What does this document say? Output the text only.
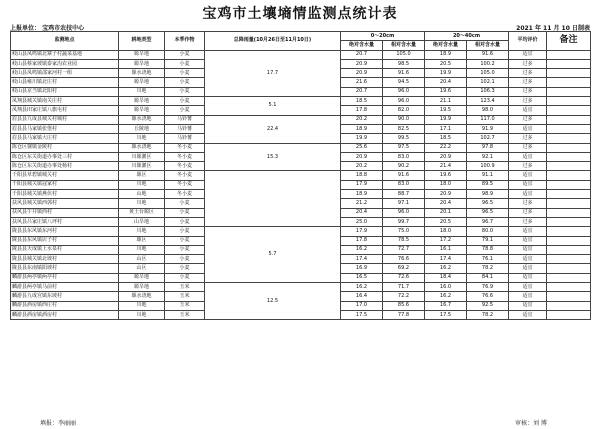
宝鸡市土壤墒情监测点统计表
上报单位： 宝鸡市农技中心	2021 年 11 月 10 日制表
监测地点	耕地类型	本季作物	总降雨量(10月26日至11月10日)	0～20cm		20～40cm		平均评价	备注
				绝对含水量	相对含水量	绝对含水量	相对含水量		
岐山县凤鸣镇北寨子村蔬菜基地	塬旱地	小麦	17.7	20.7	105.0	18.9	91.6	适宜	
岐山县蔡家坡镇泰家沟农业园	塬旱地	小麦		20.9	98.5	20.5	100.2	过多	
岐山县凤鸣镇邵家河村一组	塬水浇地	小麦		20.9	91.6	19.9	105.0	过多	
岐山县雍川镇北庄村	塬旱地	小麦		21.6	94.5	20.4	102.1	过多	
岐山县京当镇北阳村	川地	小麦		20.7	96.0	19.6	106.3	过多	
凤翔县城关镇南关庄村	塬旱地	小麦	5.1	18.5	96.0	21.1	123.4	过多	
凤翔县田家庄镇八旗屯村	塬旱地	小麦		17.8	82.0	19.5	98.0	适宜	
眉县县九成县城关村城村	塬水浇地	马铃薯	22.4	20.2	90.0	19.9	117.0	过多	
眉县县马家镇张堡村	丘陵地	马铃薯		18.9	82.5	17.1	91.9	适宜	
眉县县马家镇大庄村	川地	马铃薯		19.9	99.5	18.5	102.7	过多	
陈仓区虢镇金陵村	塬水浇地	冬小麦	15.3	25.6	97.5	22.2	97.8	过多	
陈仓区东关街道办事处三村	川塬灌区	冬小麦		20.9	83.0	20.9	92.1	适宜	
陈仓区东关街道办事处杨村	川塬灌区	冬小麦		20.2	90.2	21.4	100.9	过多	
千阳县草碧镇城关村	塬区	冬小麦		18.8	91.6	19.6	91.1	适宜	
千阳县城关镇寇家村	川地	冬小麦		17.9	83.0	18.0	89.5	适宜	
千阳县城关镇燕伏村	山地	冬小麦		18.9	88.7	20.9	98.9	适宜	
扶风县城关镇西郭村	川地	小麦		21.2	97.1	20.4	96.5	过多	
扶风县午井镇西村	黄土台塬区	小麦		20.4	96.0	20.1	96.5	过多	
扶风县吕家庄镇八坪村	山旱地	小麦		25.0	99.7	20.5	96.7	过多	
陇县县东风镇东河村	川地	小麦	5.7	17.9	75.0	18.0	80.0	适宜	
陇县县东风镇店子村	塬区	小麦		17.8	78.5	17.2	79.1	适宜	
陇县县天成镇上水泉村	川地	小麦		16.2	72.7	16.1	78.8	适宜	
陇县县城关镇北坡村	山区	小麦		17.4	76.6	17.4	76.1	适宜	
陇县县东南镇阳坡村	山区	小麦		16.9	69.2	16.2	78.2	适宜	
麟游县两亭镇两亭村	塬旱地	小麦		16.5	72.6	18.4	84.1	适宜	
麟游县两亭镇马前村	塬旱地	玉米	12.5	16.2	71.7	16.0	76.9	适宜	
麟游县九成宫镇东坡村	塬水浇地	玉米		16.4	72.2	16.2	76.6	适宜	
麟游县酒房镇西庄村	川地	玉米		17.0	85.6	16.7	92.5	适宜	
麟游县酒房镇酒房村	川地	玉米		17.5	77.8	17.5	78.2	适宜	
填报：李丽丽	审核：刘 博
